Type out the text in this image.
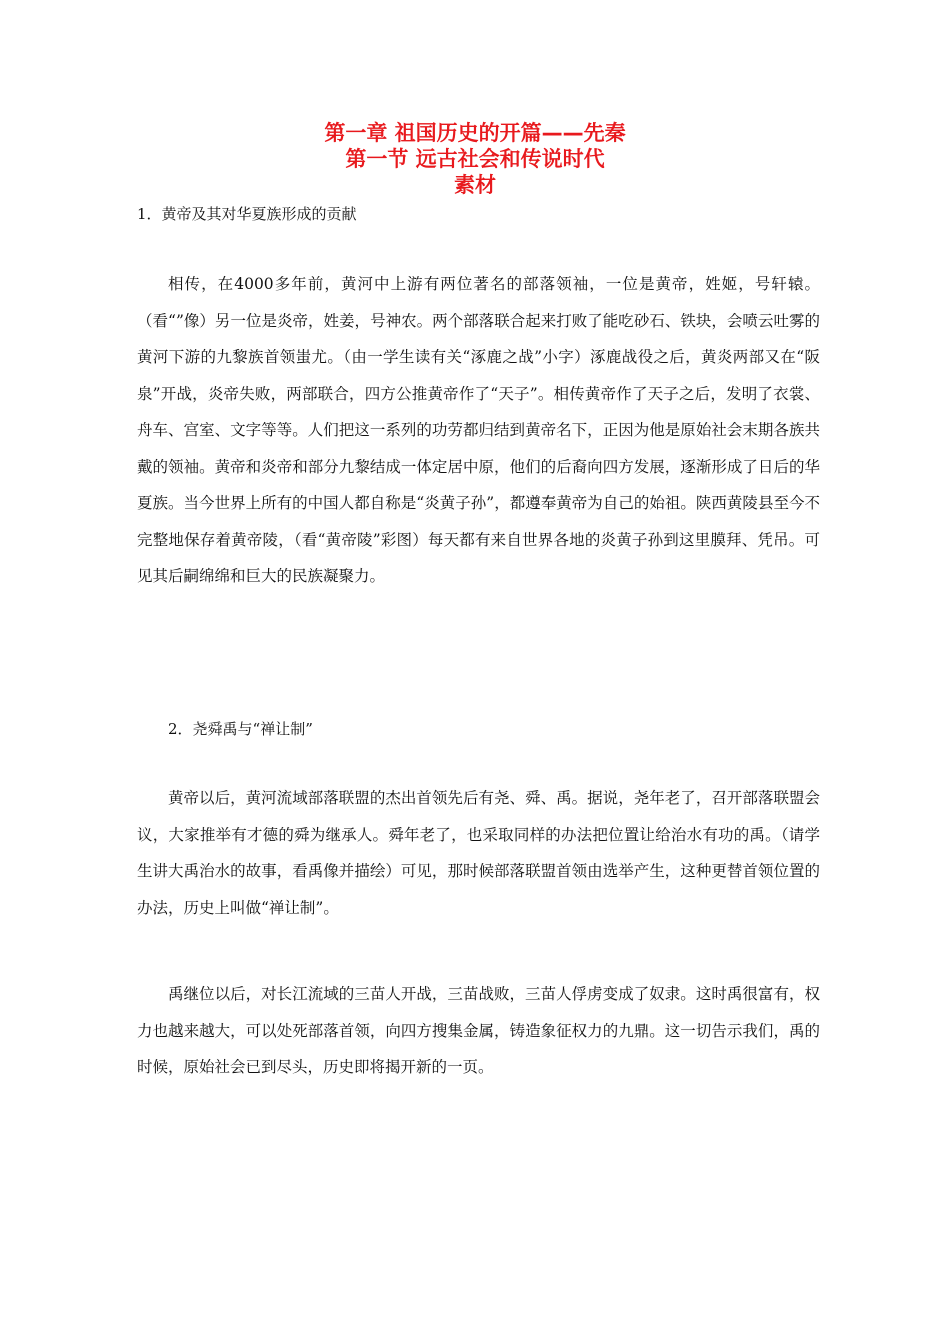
第一章 祖国历史的开篇——先秦
第一节 远古社会和传说时代
素材
1．黄帝及其对华夏族形成的贡献

相传，在4000多年前，黄河中上游有两位著名的部落领袖，一位是黄帝，姓姬，号轩辕。（看“”像）另一位是炎帝，姓姜，号神农。两个部落联合起来打败了能吃砂石、铁块，会喷云吐雾的黄河下游的九黎族首领蚩尤。（由一学生读有关“涿鹿之战”小字）涿鹿战役之后，黄炎两部又在“阪泉”开战，炎帝失败，两部联合，四方公推黄帝作了“天子”。相传黄帝作了天子之后，发明了衣裳、舟车、宫室、文字等等。人们把这一系列的功劳都归结到黄帝名下，正因为他是原始社会末期各族共戴的领袖。黄帝和炎帝和部分九黎结成一体定居中原，他们的后裔向四方发展，逐渐形成了日后的华夏族。当今世界上所有的中国人都自称是“炎黄子孙”，都遵奉黄帝为自己的始祖。陕西黄陵县至今不完整地保存着黄帝陵，（看“黄帝陵”彩图）每天都有来自世界各地的炎黄子孙到这里膜拜、凭吊。可见其后嗣绵绵和巨大的民族凝聚力。

2．尧舜禹与“禅让制”

黄帝以后，黄河流域部落联盟的杰出首领先后有尧、舜、禹。据说，尧年老了，召开部落联盟会议，大家推举有才德的舜为继承人。舜年老了，也采取同样的办法把位置让给治水有功的禹。（请学生讲大禹治水的故事，看禹像并描绘）可见，那时候部落联盟首领由选举产生，这种更替首领位置的办法，历史上叫做“禅让制”。

禹继位以后，对长江流域的三苗人开战，三苗战败，三苗人俘虏变成了奴隶。这时禹很富有，权力也越来越大，可以处死部落首领，向四方搜集金属，铸造象征权力的九鼎。这一切告示我们，禹的时候，原始社会已到尽头，历史即将揭开新的一页。
